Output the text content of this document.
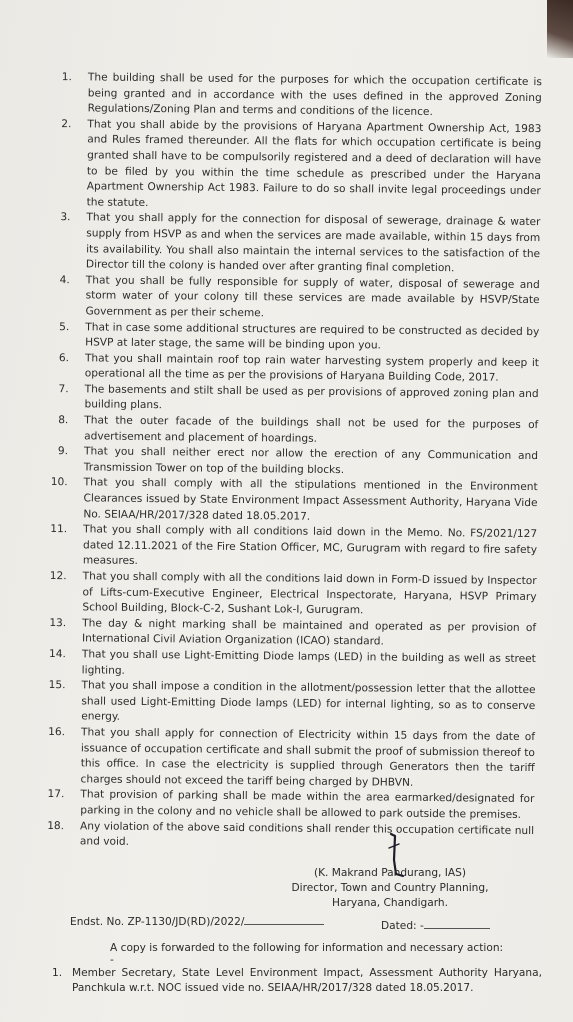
1.	The building shall be used for the purposes for which the occupation certificate is being granted and in accordance with the uses defined in the approved Zoning Regulations/Zoning Plan and terms and conditions of the licence.
2.	That you shall abide by the provisions of Haryana Apartment Ownership Act, 1983 and Rules framed thereunder. All the flats for which occupation certificate is being granted shall have to be compulsorily registered and a deed of declaration will have to be filed by you within the time schedule as prescribed under the Haryana Apartment Ownership Act 1983. Failure to do so shall invite legal proceedings under the statute.
3.	That you shall apply for the connection for disposal of sewerage, drainage & water supply from HSVP as and when the services are made available, within 15 days from its availability. You shall also maintain the internal services to the satisfaction of the Director till the colony is handed over after granting final completion.
4.	That you shall be fully responsible for supply of water, disposal of sewerage and storm water of your colony till these services are made available by HSVP/State Government as per their scheme.
5.	That in case some additional structures are required to be constructed as decided by HSVP at later stage, the same will be binding upon you.
6.	That you shall maintain roof top rain water harvesting system properly and keep it operational all the time as per the provisions of Haryana Building Code, 2017.
7.	The basements and stilt shall be used as per provisions of approved zoning plan and building plans.
8.	That the outer facade of the buildings shall not be used for the purposes of advertisement and placement of hoardings.
9.	That you shall neither erect nor allow the erection of any Communication and Transmission Tower on top of the building blocks.
10.	That you shall comply with all the stipulations mentioned in the Environment Clearances issued by State Environment Impact Assessment Authority, Haryana Vide No. SEIAA/HR/2017/328 dated 18.05.2017.
11.	That you shall comply with all conditions laid down in the Memo. No. FS/2021/127 dated 12.11.2021 of the Fire Station Officer, MC, Gurugram with regard to fire safety measures.
12.	That you shall comply with all the conditions laid down in Form-D issued by Inspector of Lifts-cum-Executive Engineer, Electrical Inspectorate, Haryana, HSVP Primary School Building, Block-C-2, Sushant Lok-I, Gurugram.
13.	The day & night marking shall be maintained and operated as per provision of International Civil Aviation Organization (ICAO) standard.
14.	That you shall use Light-Emitting Diode lamps (LED) in the building as well as street lighting.
15.	That you shall impose a condition in the allotment/possession letter that the allottee shall used Light-Emitting Diode lamps (LED) for internal lighting, so as to conserve energy.
16.	That you shall apply for connection of Electricity within 15 days from the date of issuance of occupation certificate and shall submit the proof of submission thereof to this office. In case the electricity is supplied through Generators then the tariff charges should not exceed the tariff being charged by DHBVN.
17.	That provision of parking shall be made within the area earmarked/designated for parking in the colony and no vehicle shall be allowed to park outside the premises.
18.	Any violation of the above said conditions shall render this occupation certificate null and void.
(K. Makrand Pandurang, IAS)
Director, Town and Country Planning,
Haryana, Chandigarh.
Endst. No. ZP-1130/JD(RD)/2022/	Dated: -
A copy is forwarded to the following for information and necessary action: -
1. Member Secretary, State Level Environment Impact, Assessment Authority Haryana, Panchkula w.r.t. NOC issued vide no. SEIAA/HR/2017/328 dated 18.05.2017.
